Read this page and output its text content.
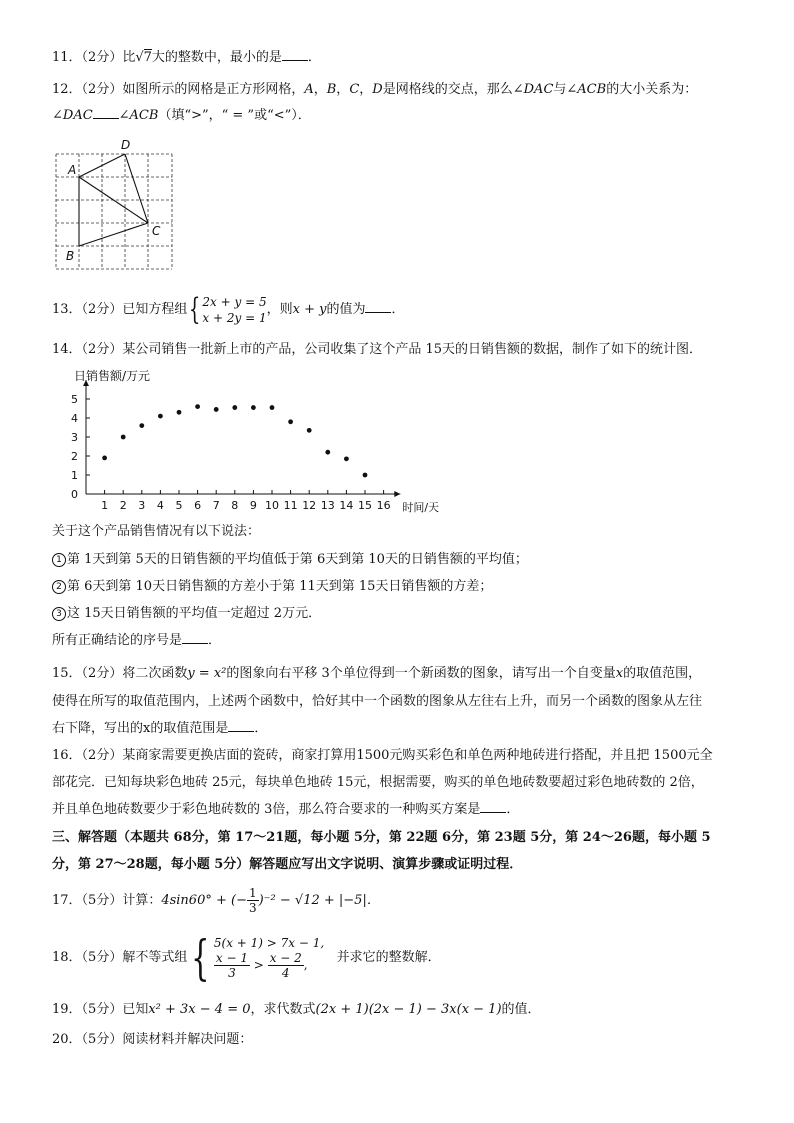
11．（2分）比√7大的整数中，最小的是 ．
12．（2分）如图所示的网格是正方形网格，A，B，C，D是网格线的交点，那么∠DAC与∠ACB的大小关系为：
∠DAC ∠ACB（填“>”，“ = ”或“<”）．
A
B
C
D
13．（2分）已知方程组{ 2x + y = 5
x + 2y = 1
，则x + y的值为 ．
14．（2分）某公司销售一批新上市的产品，公司收集了这个产品 15天的日销售额的数据，制作了如下的统计图．
0
1
2
3
4
5
1 2 3 4 5 6 7 8 9 10 11 12 13 14 15 16
日销售额/万元
时间/天
关于这个产品销售情况有以下说法：
1 第 1天到第 5天的日销售额的平均值低于第 6天到第 10天的日销售额的平均值；
2 第 6天到第 10天日销售额的方差小于第 11天到第 15天日销售额的方差；
3 这 15天日销售额的平均值一定超过 2万元．
所有正确结论的序号是 ．
15．（2分）将二次函数y = x²的图象向右平移 3个单位得到一个新函数的图象，请写出一个自变量x的取值范围，
使得在所写的取值范围内，上述两个函数中，恰好其中一个函数的图象从左往右上升，而另一个函数的图象从左往
右下降，写出的x的取值范围是 ．
16．（2分）某商家需要更换店面的瓷砖，商家打算用1500元购买彩色和单色两种地砖进行搭配，并且把 1500元全
部花完．已知每块彩色地砖 25元，每块单色地砖 15元，根据需要，购买的单色地砖数要超过彩色地砖数的 2倍，
并且单色地砖数要少于彩色地砖数的 3倍，那么符合要求的一种购买方案是 ．
三、解答题（本题共 68分，第 17～21题，每小题 5分，第 22题 6分，第 23题 5分，第 24～26题，每小题 5
分，第 27～28题，每小题 5分）解答题应写出文字说明、演算步骤或证明过程．
17．（5分）计算：4sin60° + (− $\frac{1}{3} )^{-2} - √12 + |-5|$．
18．（5分）解不等式组{ 5(x + 1) > 7x − 1,
$\frac{x - 1}{3} > \frac{x - 2}{4}$ ,	并求它的整数解．
19．（5分）已知x² + 3x − 4 = 0，求代数式(2x + 1)(2x − 1) − 3x(x − 1)的值．
20．（5分）阅读材料并解决问题：
